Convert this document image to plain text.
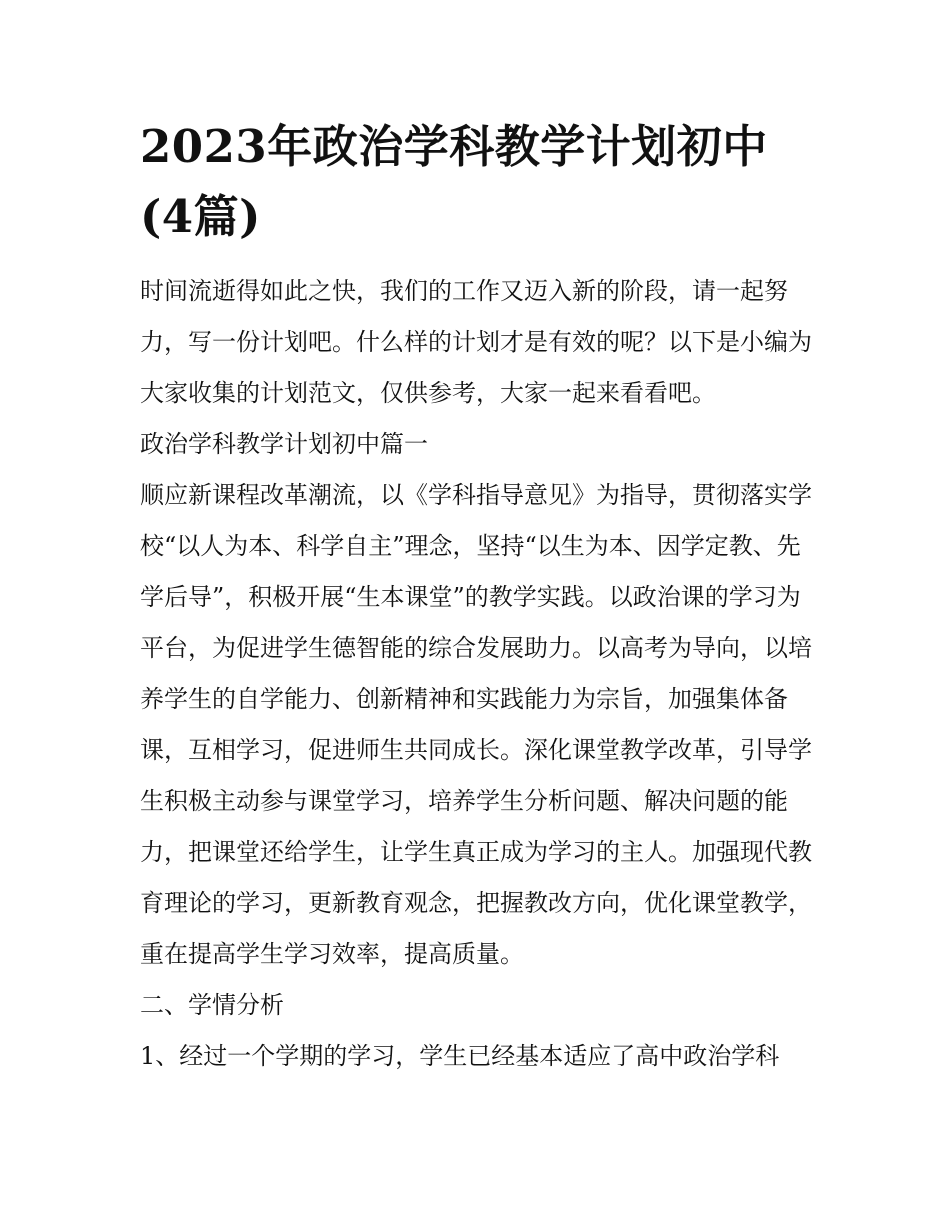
2023年政治学科教学计划初中(4篇)

时间流逝得如此之快，我们的工作又迈入新的阶段，请一起努力，写一份计划吧。什么样的计划才是有效的呢？以下是小编为大家收集的计划范文，仅供参考，大家一起来看看吧。

政治学科教学计划初中篇一

顺应新课程改革潮流，以《学科指导意见》为指导，贯彻落实学校“以人为本、科学自主”理念，坚持“以生为本、因学定教、先学后导”，积极开展“生本课堂”的教学实践。以政治课的学习为平台，为促进学生德智能的综合发展助力。以高考为导向，以培养学生的自学能力、创新精神和实践能力为宗旨，加强集体备课，互相学习，促进师生共同成长。深化课堂教学改革，引导学生积极主动参与课堂学习，培养学生分析问题、解决问题的能力，把课堂还给学生，让学生真正成为学习的主人。加强现代教育理论的学习，更新教育观念，把握教改方向，优化课堂教学，重在提高学生学习效率，提高质量。

二、学情分析

1、经过一个学期的学习，学生已经基本适应了高中政治学科
